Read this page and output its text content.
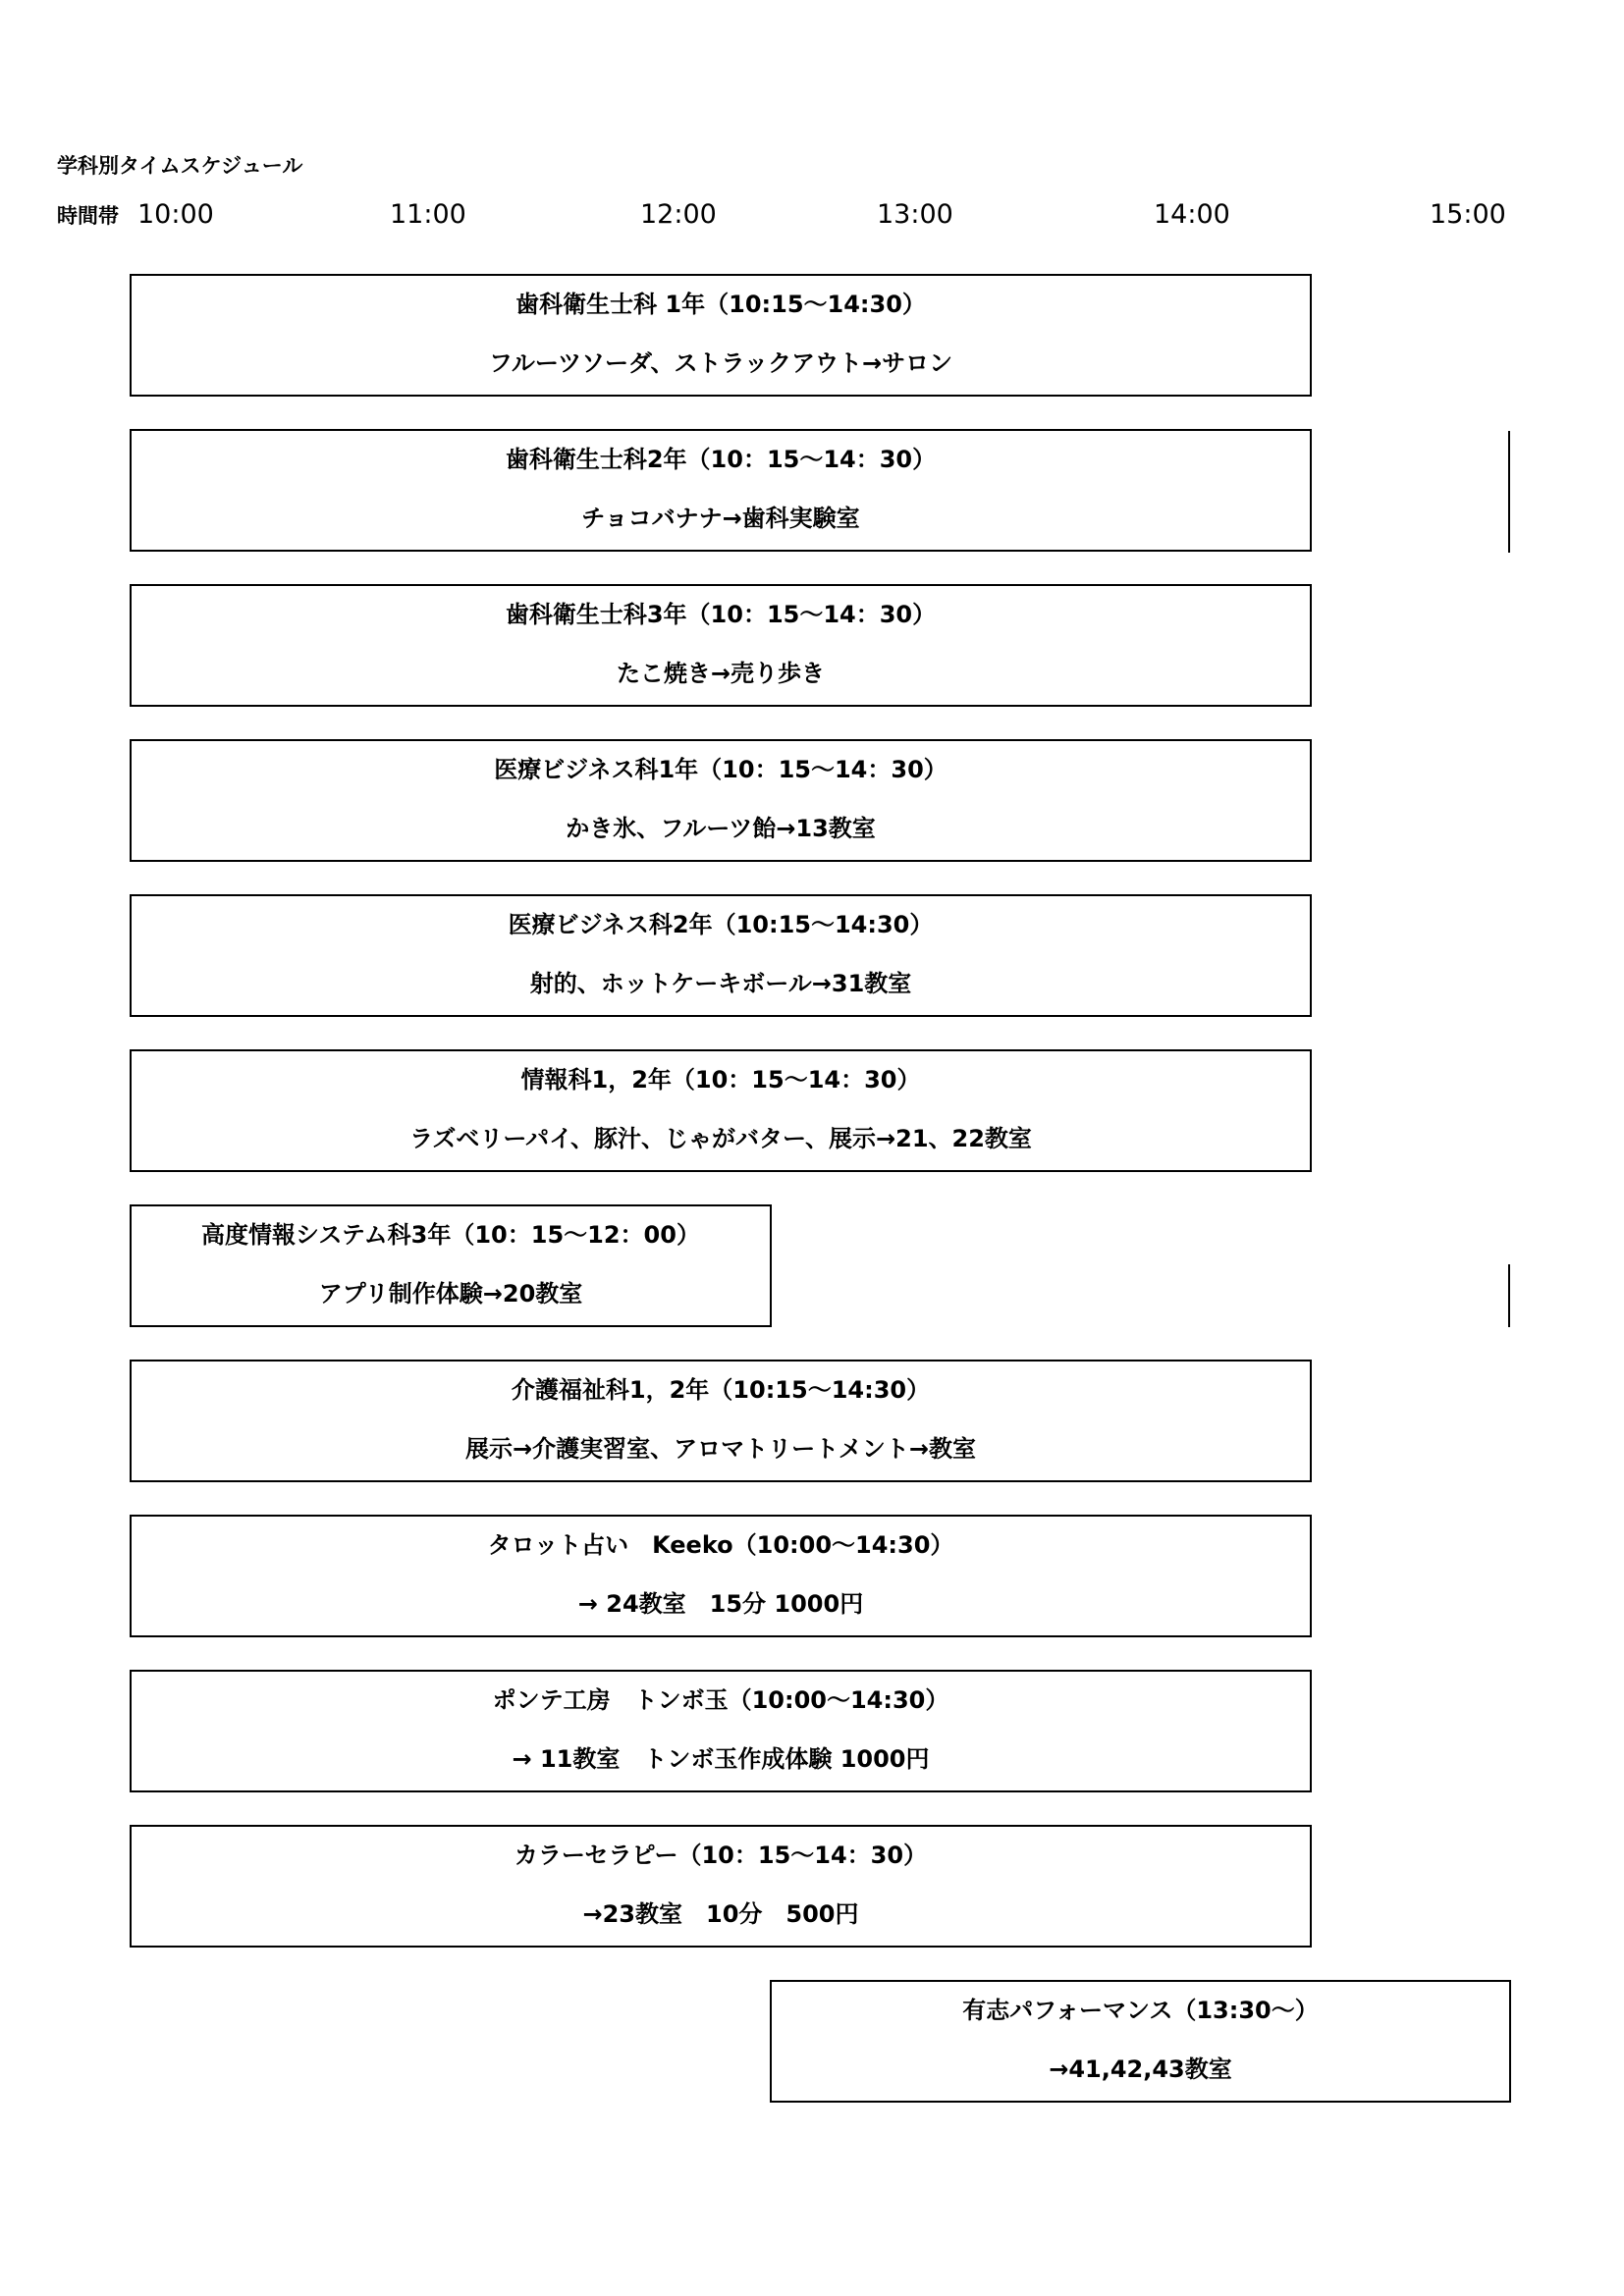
学科別タイムスケジュール
時間帯 10:00	11:00	12:00	13:00	14:00	15:00
歯科衛生士科 1年（10:15～14:30）
フルーツソーダ、ストラックアウト→サロン
歯科衛生士科2年（10：15～14：30）
チョコバナナ→歯科実験室
歯科衛生士科3年（10：15～14：30）
たこ焼き→売り歩き
医療ビジネス科1年（10：15～14：30）
かき氷、フルーツ飴→13教室
医療ビジネス科2年（10:15～14:30）
射的、ホットケーキボール→31教室
情報科1，2年（10：15～14：30）
ラズベリーパイ、豚汁、じゃがバター、展示→21、22教室
高度情報システム科3年（10：15～12：00）
アプリ制作体験→20教室
介護福祉科1，2年（10:15～14:30）
展示→介護実習室、アロマトリートメント→教室
タロット占い　Keeko（10:00～14:30）
→ 24教室　15分 1000円
ポンテ工房　トンボ玉（10:00～14:30）
→ 11教室　トンボ玉作成体験 1000円
カラーセラピー（10：15～14：30）
→23教室　10分　500円
有志パフォーマンス（13:30～）
→41,42,43教室
